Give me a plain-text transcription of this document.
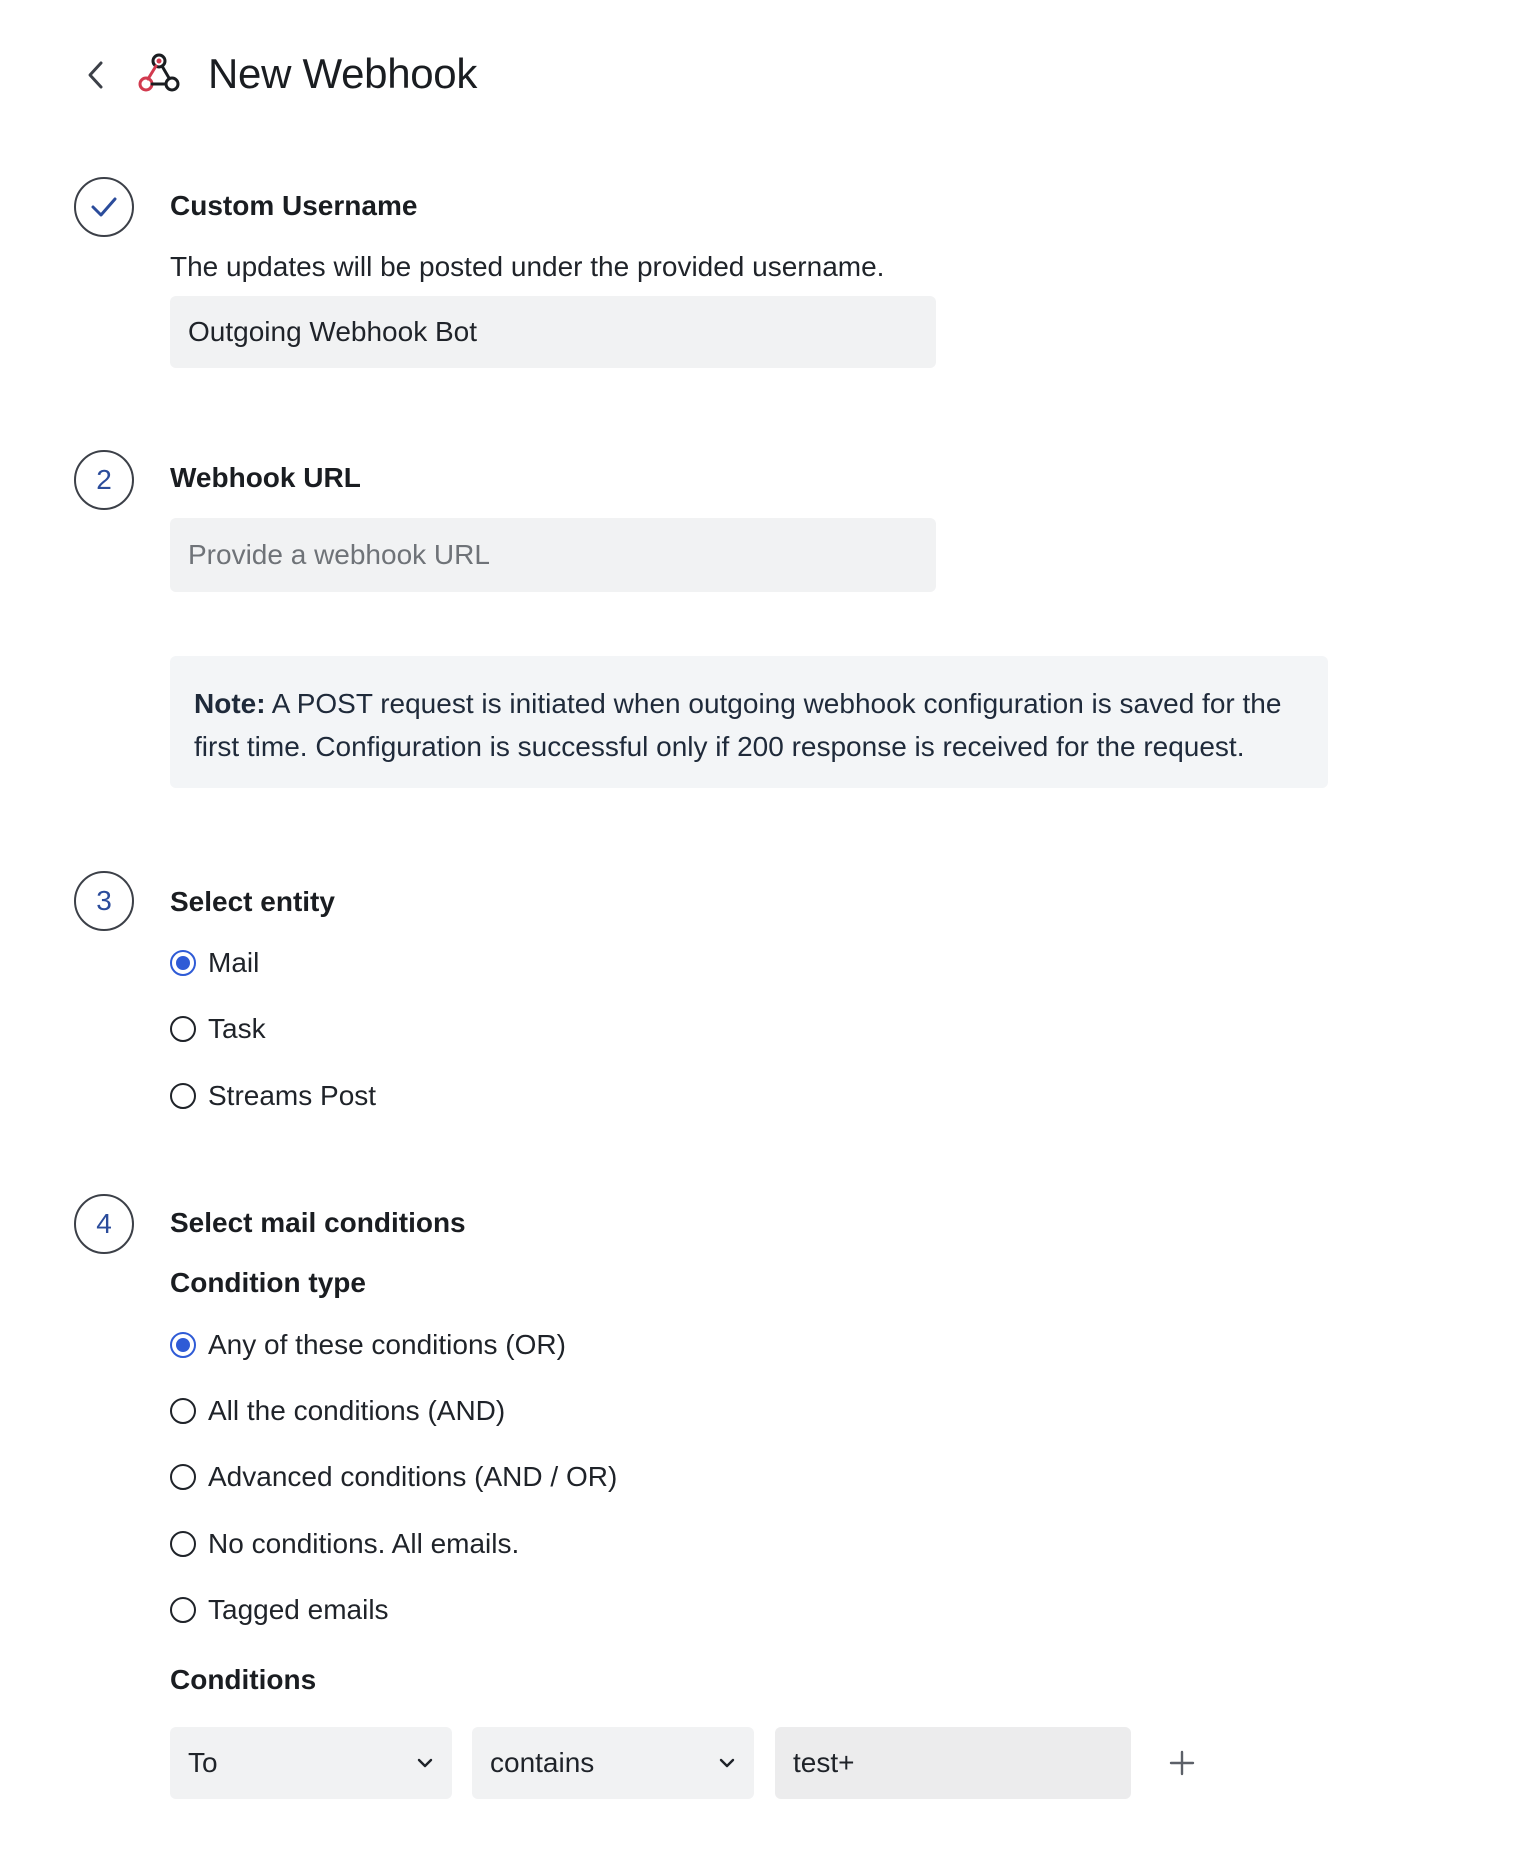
New Webhook
Custom Username
The updates will be posted under the provided username.
Outgoing Webhook Bot
2 Webhook URL
Provide a webhook URL
Note: A POST request is initiated when outgoing webhook configuration is saved for the first time. Configuration is successful only if 200 response is received for the request.
3 Select entity
Mail
Task
Streams Post
4 Select mail conditions
Condition type
Any of these conditions (OR)
All the conditions (AND)
Advanced conditions (AND / OR)
No conditions. All emails.
Tagged emails
Conditions
To	contains	test+
